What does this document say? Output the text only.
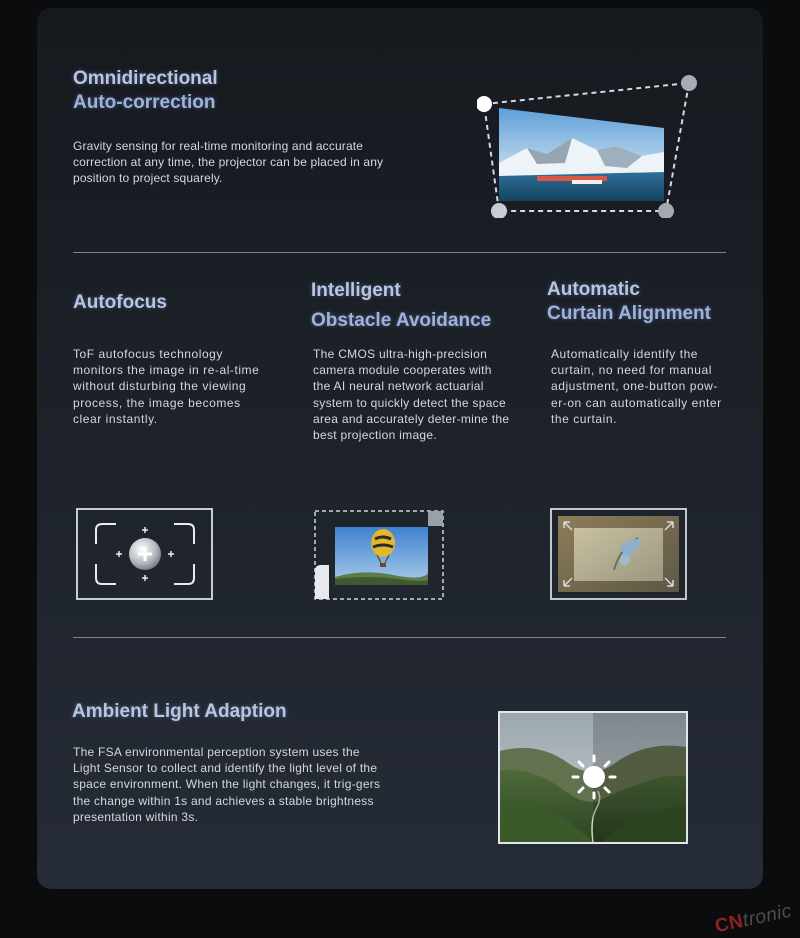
Omnidirectional
Auto-correction
Gravity sensing for real-time monitoring and accurate correction at any time, the projector can be placed in any position to project squarely.
Autofocus
ToF autofocus technology monitors the image in re-al-time without disturbing the viewing process, the image becomes clear instantly.
Intelligent
Obstacle Avoidance
The CMOS ultra-high-precision camera module cooperates with the AI neural network actuarial system to quickly detect the space area and accurately deter-mine the best projection image.
Automatic
Curtain Alignment
Automatically identify the curtain, no need for manual adjustment, one-button pow-er-on can automatically enter the curtain.
Ambient Light Adaption
The FSA environmental perception system uses the Light Sensor to collect and identify the light level of the space environment. When the light changes, it trig-gers the change within 1s and achieves a stable brightness presentation within 3s.
CNtronic
